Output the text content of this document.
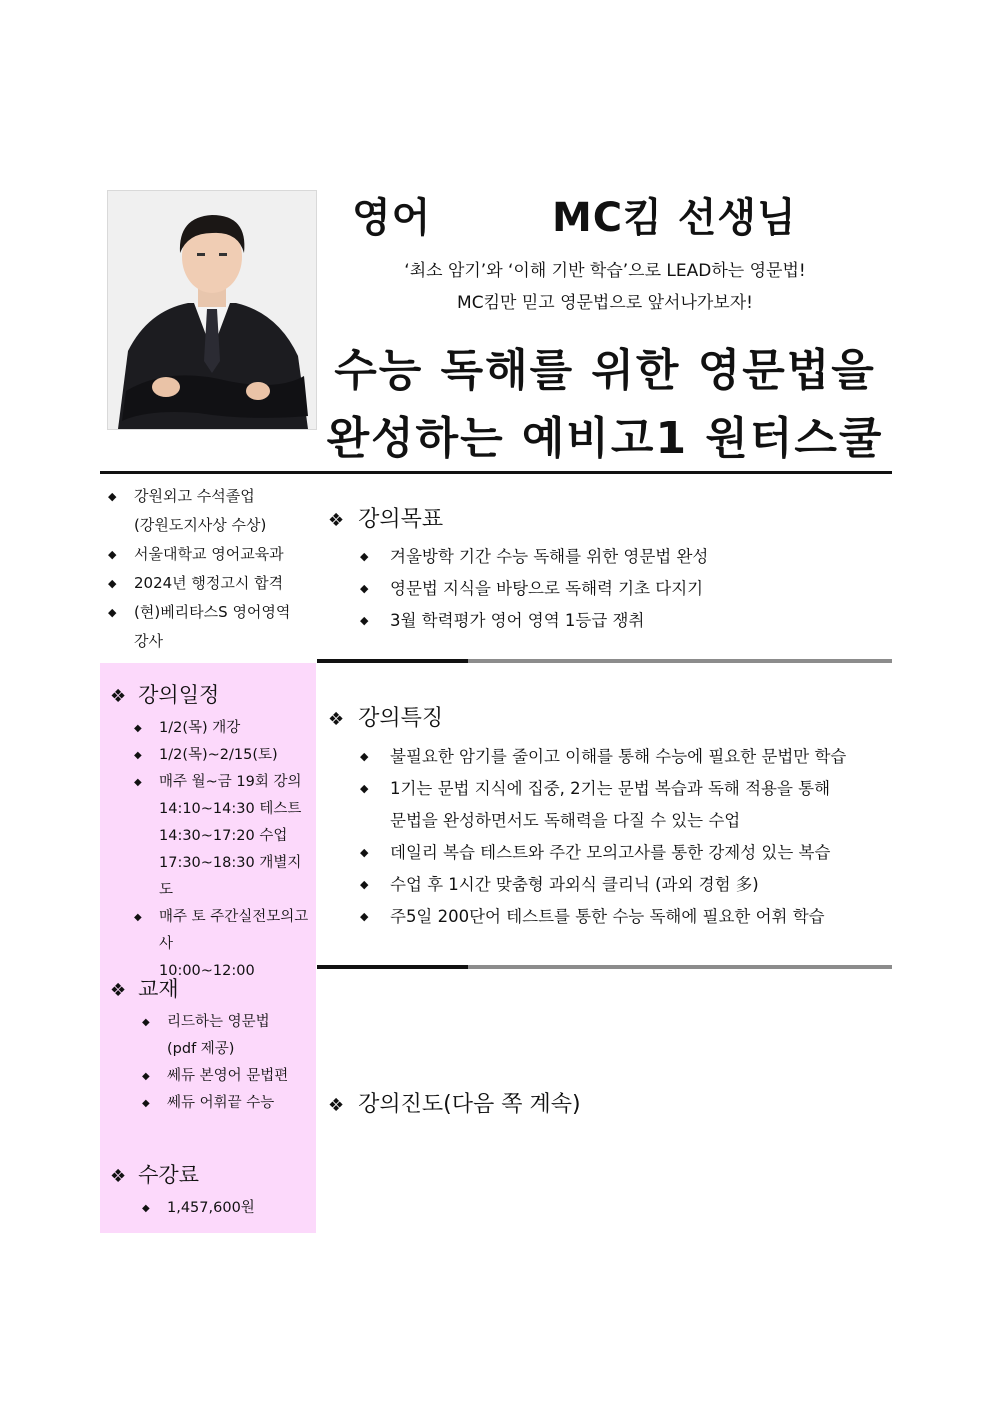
영어	MC킴 선생님
‘최소 암기’와 ‘이해 기반 학습’으로 LEAD하는 영문법!
MC킴만 믿고 영문법으로 앞서나가보자!
수능 독해를 위한 영문법을
완성하는 예비고1 원터스쿨
◆ 강원외고 수석졸업
(강원도지사상 수상)
◆ 서울대학교 영어교육과
◆ 2024년 행정고시 합격
◆ (현)베리타스S 영어영역
강사
❖ 강의일정
◆ 1/2(목) 개강
◆ 1/2(목)~2/15(토)
◆ 매주 월~금 19회 강의
14:10~14:30 테스트
14:30~17:20 수업
17:30~18:30 개별지도
◆ 매주 토 주간실전모의고사
10:00~12:00
❖ 교재
◆ 리드하는 영문법
(pdf 제공)
◆ 쎄듀 본영어 문법편
◆ 쎄듀 어휘끝 수능
❖ 수강료
◆ 1,457,600원
❖ 강의목표
◆ 겨울방학 기간 수능 독해를 위한 영문법 완성
◆ 영문법 지식을 바탕으로 독해력 기초 다지기
◆ 3월 학력평가 영어 영역 1등급 쟁취
❖ 강의특징
◆ 불필요한 암기를 줄이고 이해를 통해 수능에 필요한 문법만 학습
◆ 1기는 문법 지식에 집중, 2기는 문법 복습과 독해 적용을 통해
문법을 완성하면서도 독해력을 다질 수 있는 수업
◆ 데일리 복습 테스트와 주간 모의고사를 통한 강제성 있는 복습
◆ 수업 후 1시간 맞춤형 과외식 클리닉 (과외 경험 多)
◆ 주5일 200단어 테스트를 통한 수능 독해에 필요한 어휘 학습
❖ 강의진도(다음 쪽 계속)
